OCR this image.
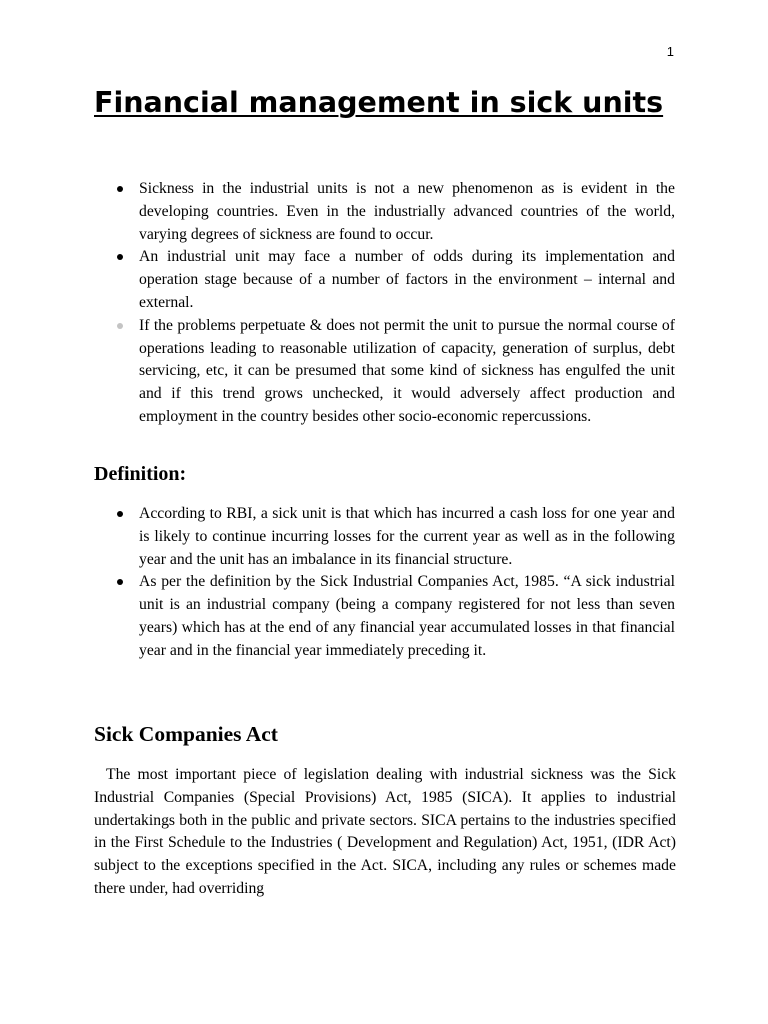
1
Financial management in sick units
Sickness in the industrial units is not a new phenomenon as is evident in the developing countries. Even in the industrially advanced countries of the world, varying degrees of sickness are found to occur.
An industrial unit may face a number of odds during its implementation and operation stage because of a number of factors in the environment – internal and external.
If the problems perpetuate & does not permit the unit to pursue the normal course of operations leading to reasonable utilization of capacity, generation of surplus, debt servicing, etc, it can be presumed that some kind of sickness has engulfed the unit and if this trend grows unchecked, it would adversely affect production and employment in the country besides other socio-economic repercussions.
Definition:
According to RBI, a sick unit is that which has incurred a cash loss for one year and is likely to continue incurring losses for the current year as well as in the following year and the unit has an imbalance in its financial structure.
As per the definition by the Sick Industrial Companies Act, 1985. “A sick industrial unit is an industrial company (being a company registered for not less than seven years) which has at the end of any financial year accumulated losses in that financial year and in the financial year immediately preceding it.
Sick Companies Act

The most important piece of legislation dealing with industrial sickness was the Sick Industrial Companies (Special Provisions) Act, 1985 (SICA). It applies to industrial undertakings both in the public and private sectors. SICA pertains to the industries specified in the First Schedule to the Industries ( Development and Regulation) Act, 1951, (IDR Act) subject to the exceptions specified in the Act. SICA, including any rules or schemes made there under, had overriding
